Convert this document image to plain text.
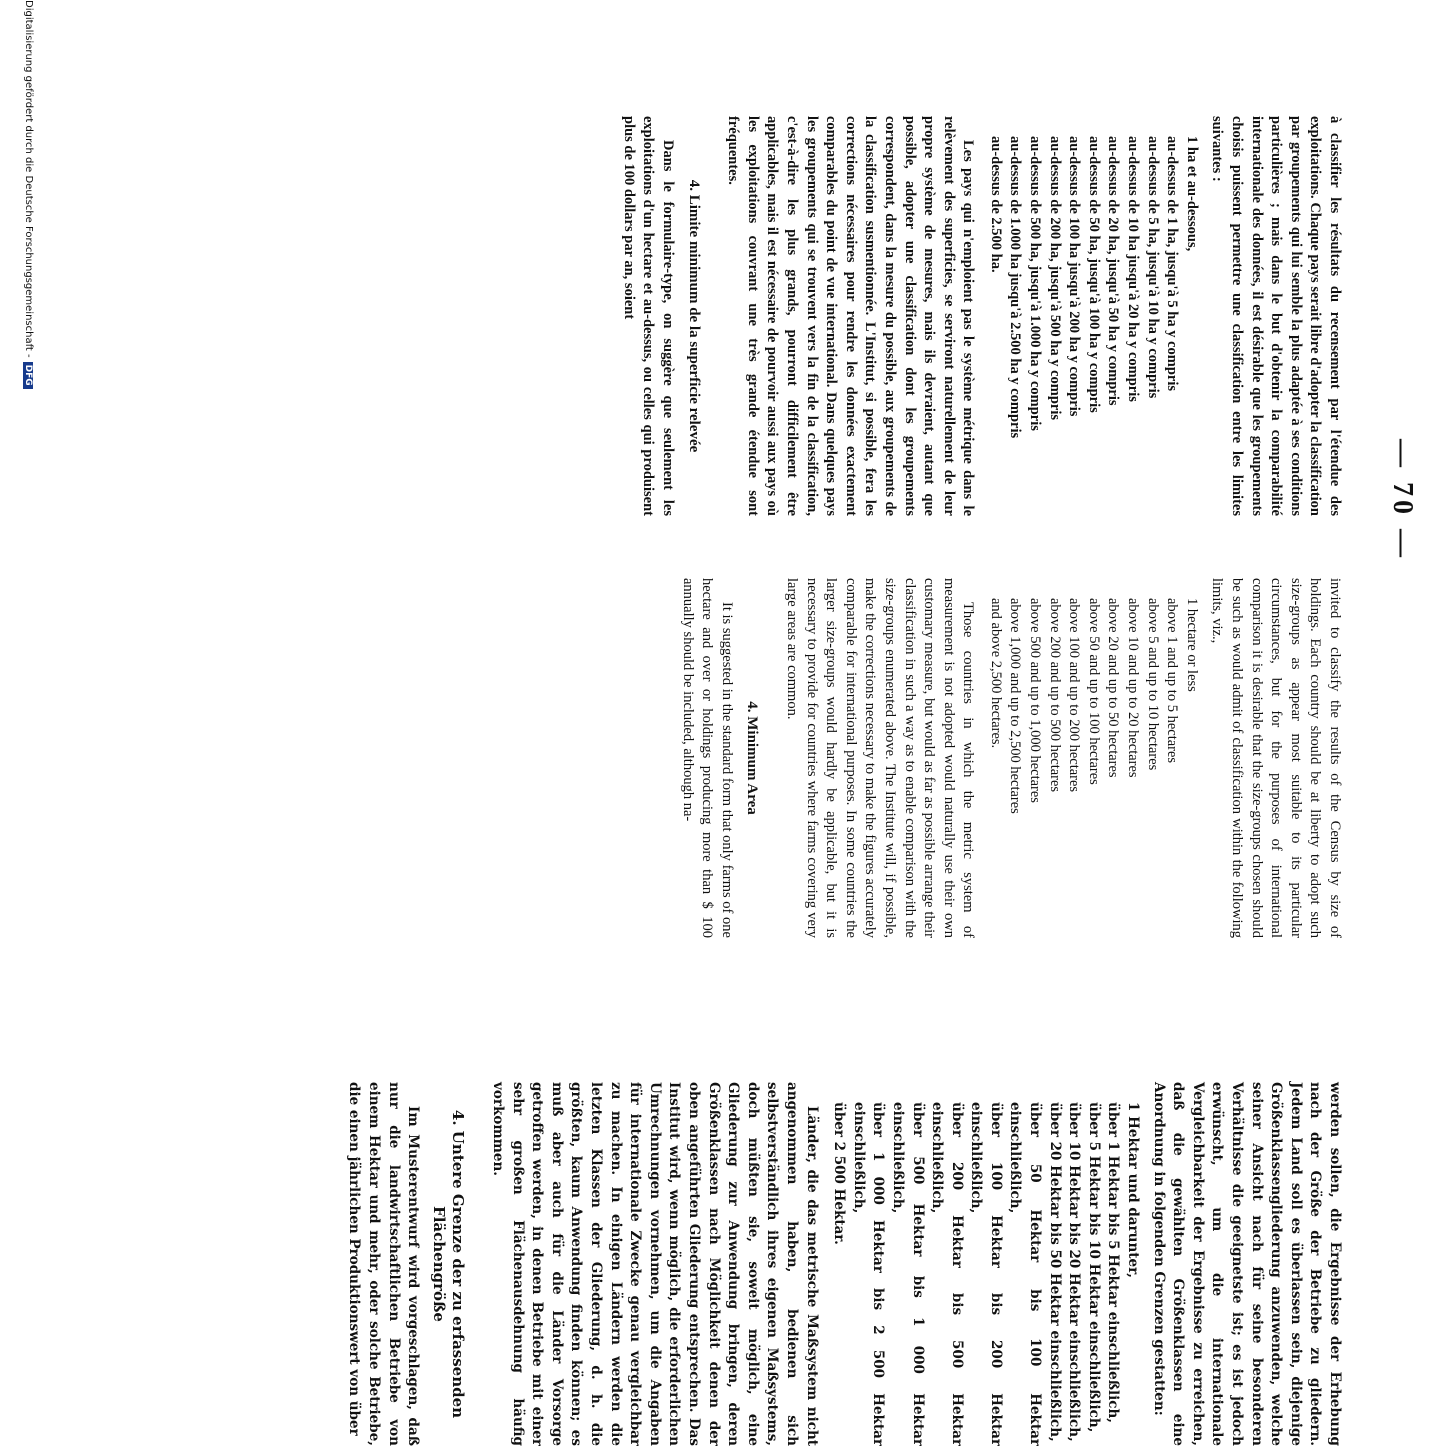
— 70 —

à classifier les résultats du recensement par l'étendue des exploitations. Chaque pays serait libre d'adopter la classification par groupements qui lui semble la plus adaptée à ses conditions particulières ; mais dans le but d'obtenir la comparabilité internationale des données, il est désirable que les groupements choisis puissent permettre une classification entre les limites suivantes :

1 ha et au-dessous,
au-dessus de 1 ha, jusqu'à 5 ha y compris
au-dessus de 5 ha, jusqu'à 10 ha y compris
au-dessus de 10 ha jusqu'à 20 ha y compris
au-dessus de 20 ha, jusqu'à 50 ha y compris
au-dessus de 50 ha, jusqu'à 100 ha y compris
au-dessus de 100 ha jusqu'à 200 ha y compris
au-dessus de 200 ha, jusqu'à 500 ha y compris
au-dessus de 500 ha, jusqu'à 1.000 ha y compris
au-dessus de 1.000 ha jusqu'à 2.500 ha y compris
au-dessus de 2.500 ha.

Les pays qui n'emploient pas le système métrique dans le relèvement des superficies, se serviront naturellement de leur propre système de mesures, mais ils devraient, autant que possible, adopter une classification dont les groupements correspondent, dans la mesure du possible, aux groupements de la classification susmentionnée. L'Institut, si possible, fera les corrections nécessaires pour rendre les données exactement comparables du point de vue international. Dans quelques pays les groupements qui se trouvent vers la fin de la classification, c'est-à-dire les plus grands, pourront difficilement être applicables, mais il est nécessaire de pourvoir aussi aux pays où les exploitations couvrant une très grande étendue sont fréquentes.

4. Limite minimum de la superficie relevée

Dans le formulaire-type, on suggère que seulement les exploitations d'un hectare et au-dessus, ou celles qui produisent plus de 100 dollars par an, soient

invited to classify the results of the Census by size of holdings. Each country should be at liberty to adopt such size-groups as appear most suitable to its particular circumstances, but for the purposes of international comparison it is desirable that the size-groups chosen should be such as would admit of classification within the following limits, viz.,

1 hectare or less
above 1 and up to 5 hectares
above 5 and up to 10 hectares
above 10 and up to 20 hectares
above 20 and up to 50 hectares
above 50 and up to 100 hectares
above 100 and up to 200 hectares
above 200 and up to 500 hectares
above 500 and up to 1,000 hectares
above 1,000 and up to 2,500 hectares
and above 2,500 hectares.

Those countries in which the metric system of measurement is not adopted would naturally use their own customary measure, but would as far as possible arrange their classification in such a way as to enable comparison with the size-groups enumerated above. The Institute will, if possible, make the corrections necessary to make the figures accurately comparable for international purposes. In some countries the larger size-groups would hardly be applicable, but it is necessary to provide for countries where farms covering very large areas are common.

4. Minimum Area

It is suggested in the standard form that only farms of one hectare and over or holdings producing more than $ 100 annually should be included, although na-

werden sollen, die Ergebnisse der Erhebung nach der Größe der Betriebe zu gliedern. Jedem Land soll es überlassen sein, diejenige Größenklassengliederung anzuwenden, welche seiner Ansicht nach für seine besonderen Verhältnisse die geeignetste ist; es ist jedoch erwünscht, um die internationale Vergleichbarkeit der Ergebnisse zu erreichen, daß die gewählten Größenklassen eine Anordnung in folgenden Grenzen gestatten:

1 Hektar und darunter,
über 1 Hektar bis 5 Hektar einschließlich,
über 5 Hektar bis 10 Hektar einschließlich,
über 10 Hektar bis 20 Hektar einschließlich,
über 20 Hektar bis 50 Hektar einschließlich,
über 50 Hektar bis 100 Hektar einschließlich,
über 100 Hektar bis 200 Hektar einschließlich,
über 200 Hektar bis 500 Hektar einschließlich,
über 500 Hektar bis 1 000 Hektar einschließlich,
über 1 000 Hektar bis 2 500 Hektar einschließlich,
über 2 500 Hektar.

Länder, die das metrische Maßsystem nicht angenommen haben, bedienen sich selbstverständlich ihres eigenen Maßsystems, doch müßten sie, soweit möglich, eine Gliederung zur Anwendung bringen, deren Größenklassen nach Möglichkeit denen der oben angeführten Gliederung entsprechen. Das Institut wird, wenn möglich, die erforderlichen Umrechnungen vornehmen, um die Angaben für internationale Zwecke genau vergleichbar zu machen. In einigen Ländern werden die letzten Klassen der Gliederung, d. h. die größten, kaum Anwendung finden können; es muß aber auch für die Länder Vorsorge getroffen werden, in denen Betriebe mit einer sehr großen Flächenausdehnung häufig vorkommen.

4. Untere Grenze der zu erfassenden Flächengröße

Im Musterentwurf wird vorgeschlagen, daß nur die landwirtschaftlichen Betriebe von einem Hektar und mehr, oder solche Betriebe, die einen jährlichen Produktionswert von über

Digitalisierung gefördert durch die Deutsche Forschungsgemeinschaft -DFG
